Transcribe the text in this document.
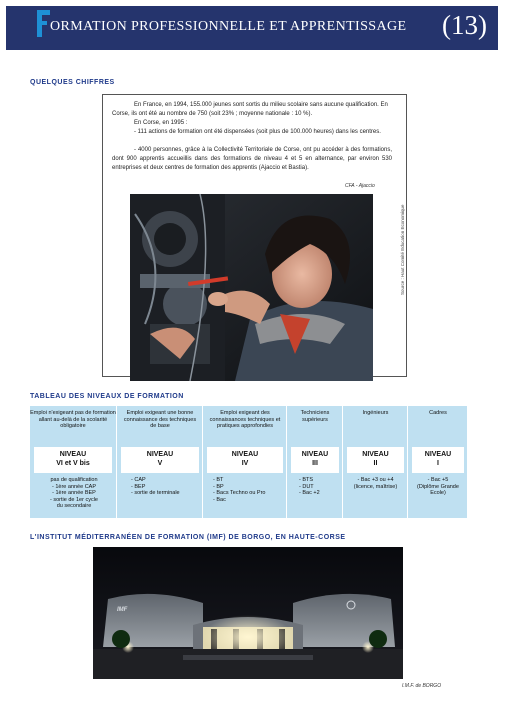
ORMATION PROFESSIONNELLE ET APPRENTISSAGE (13)
QUELQUES CHIFFRES
En France, en 1994, 155.000 jeunes sont sortis du milieu scolaire sans aucune qualification. En Corse, ils ont été au nombre de 750 (soit 23% ; moyenne nationale : 10 %).
En Corse, en 1995 :
- 111 actions de formation ont été dispensées (soit plus de 100.000 heures) dans les centres.
- 4000 personnes, grâce à la Collectivité Territoriale de Corse, ont pu accéder à des formations, dont 900 apprentis accueillis dans des formations de niveau 4 et 5 en alternance, par environ 530 entreprises et deux centres de formation des apprentis (Ajaccio et Bastia).
CFA - Ajaccio
Source : Haut Comité Education Economique
TABLEAU DES NIVEAUX DE FORMATION
Emploi n'exigeant pas de formation allant au-delà de la scolarité obligatoire
NIVEAU
VI et V bis
pas de qualification
- 1ère année CAP
- 1ère année BEP
- sortie de 1er cycle
du secondaire
Emploi exigeant une bonne connaissance des techniques de base
NIVEAU
V
- CAP
- BEP
- sortie de terminale
Emploi exigeant des connaissances techniques et pratiques approfondies
NIVEAU
IV
- BT
- BP
- Bacs Techno ou Pro
- Bac
Techniciens supérieurs
NIVEAU
III
- BTS
- DUT
- Bac +2
Ingénieurs
NIVEAU
II
- Bac +3 ou +4
(licence, maîtrise)
Cadres
NIVEAU
I
- Bac +5
(Diplôme Grande
Ecole)
L'INSTITUT MÉDITERRANÉEN DE FORMATION (IMF) DE BORGO, EN HAUTE-CORSE
IMF
I.M.F. de BORGO
